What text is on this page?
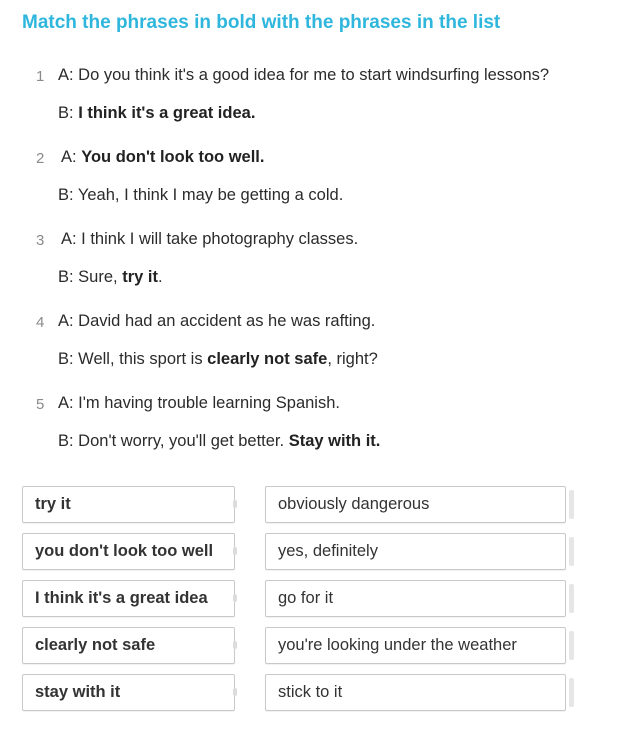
Match the phrases in bold with the phrases in the list
1 A: Do you think it's a good idea for me to start windsurfing lessons?
B: I think it's a great idea.
2 A: You don't look too well.
B: Yeah, I think I may be getting a cold.
3 A: I think I will take photography classes.
B: Sure, try it.
4 A: David had an accident as he was rafting.
B: Well, this sport is clearly not safe, right?
5 A: I'm having trouble learning Spanish.
B: Don't worry, you'll get better. Stay with it.
try it	obviously dangerous
you don't look too well	yes, definitely
I think it's a great idea	go for it
clearly not safe	you're looking under the weather
stay with it	stick to it
